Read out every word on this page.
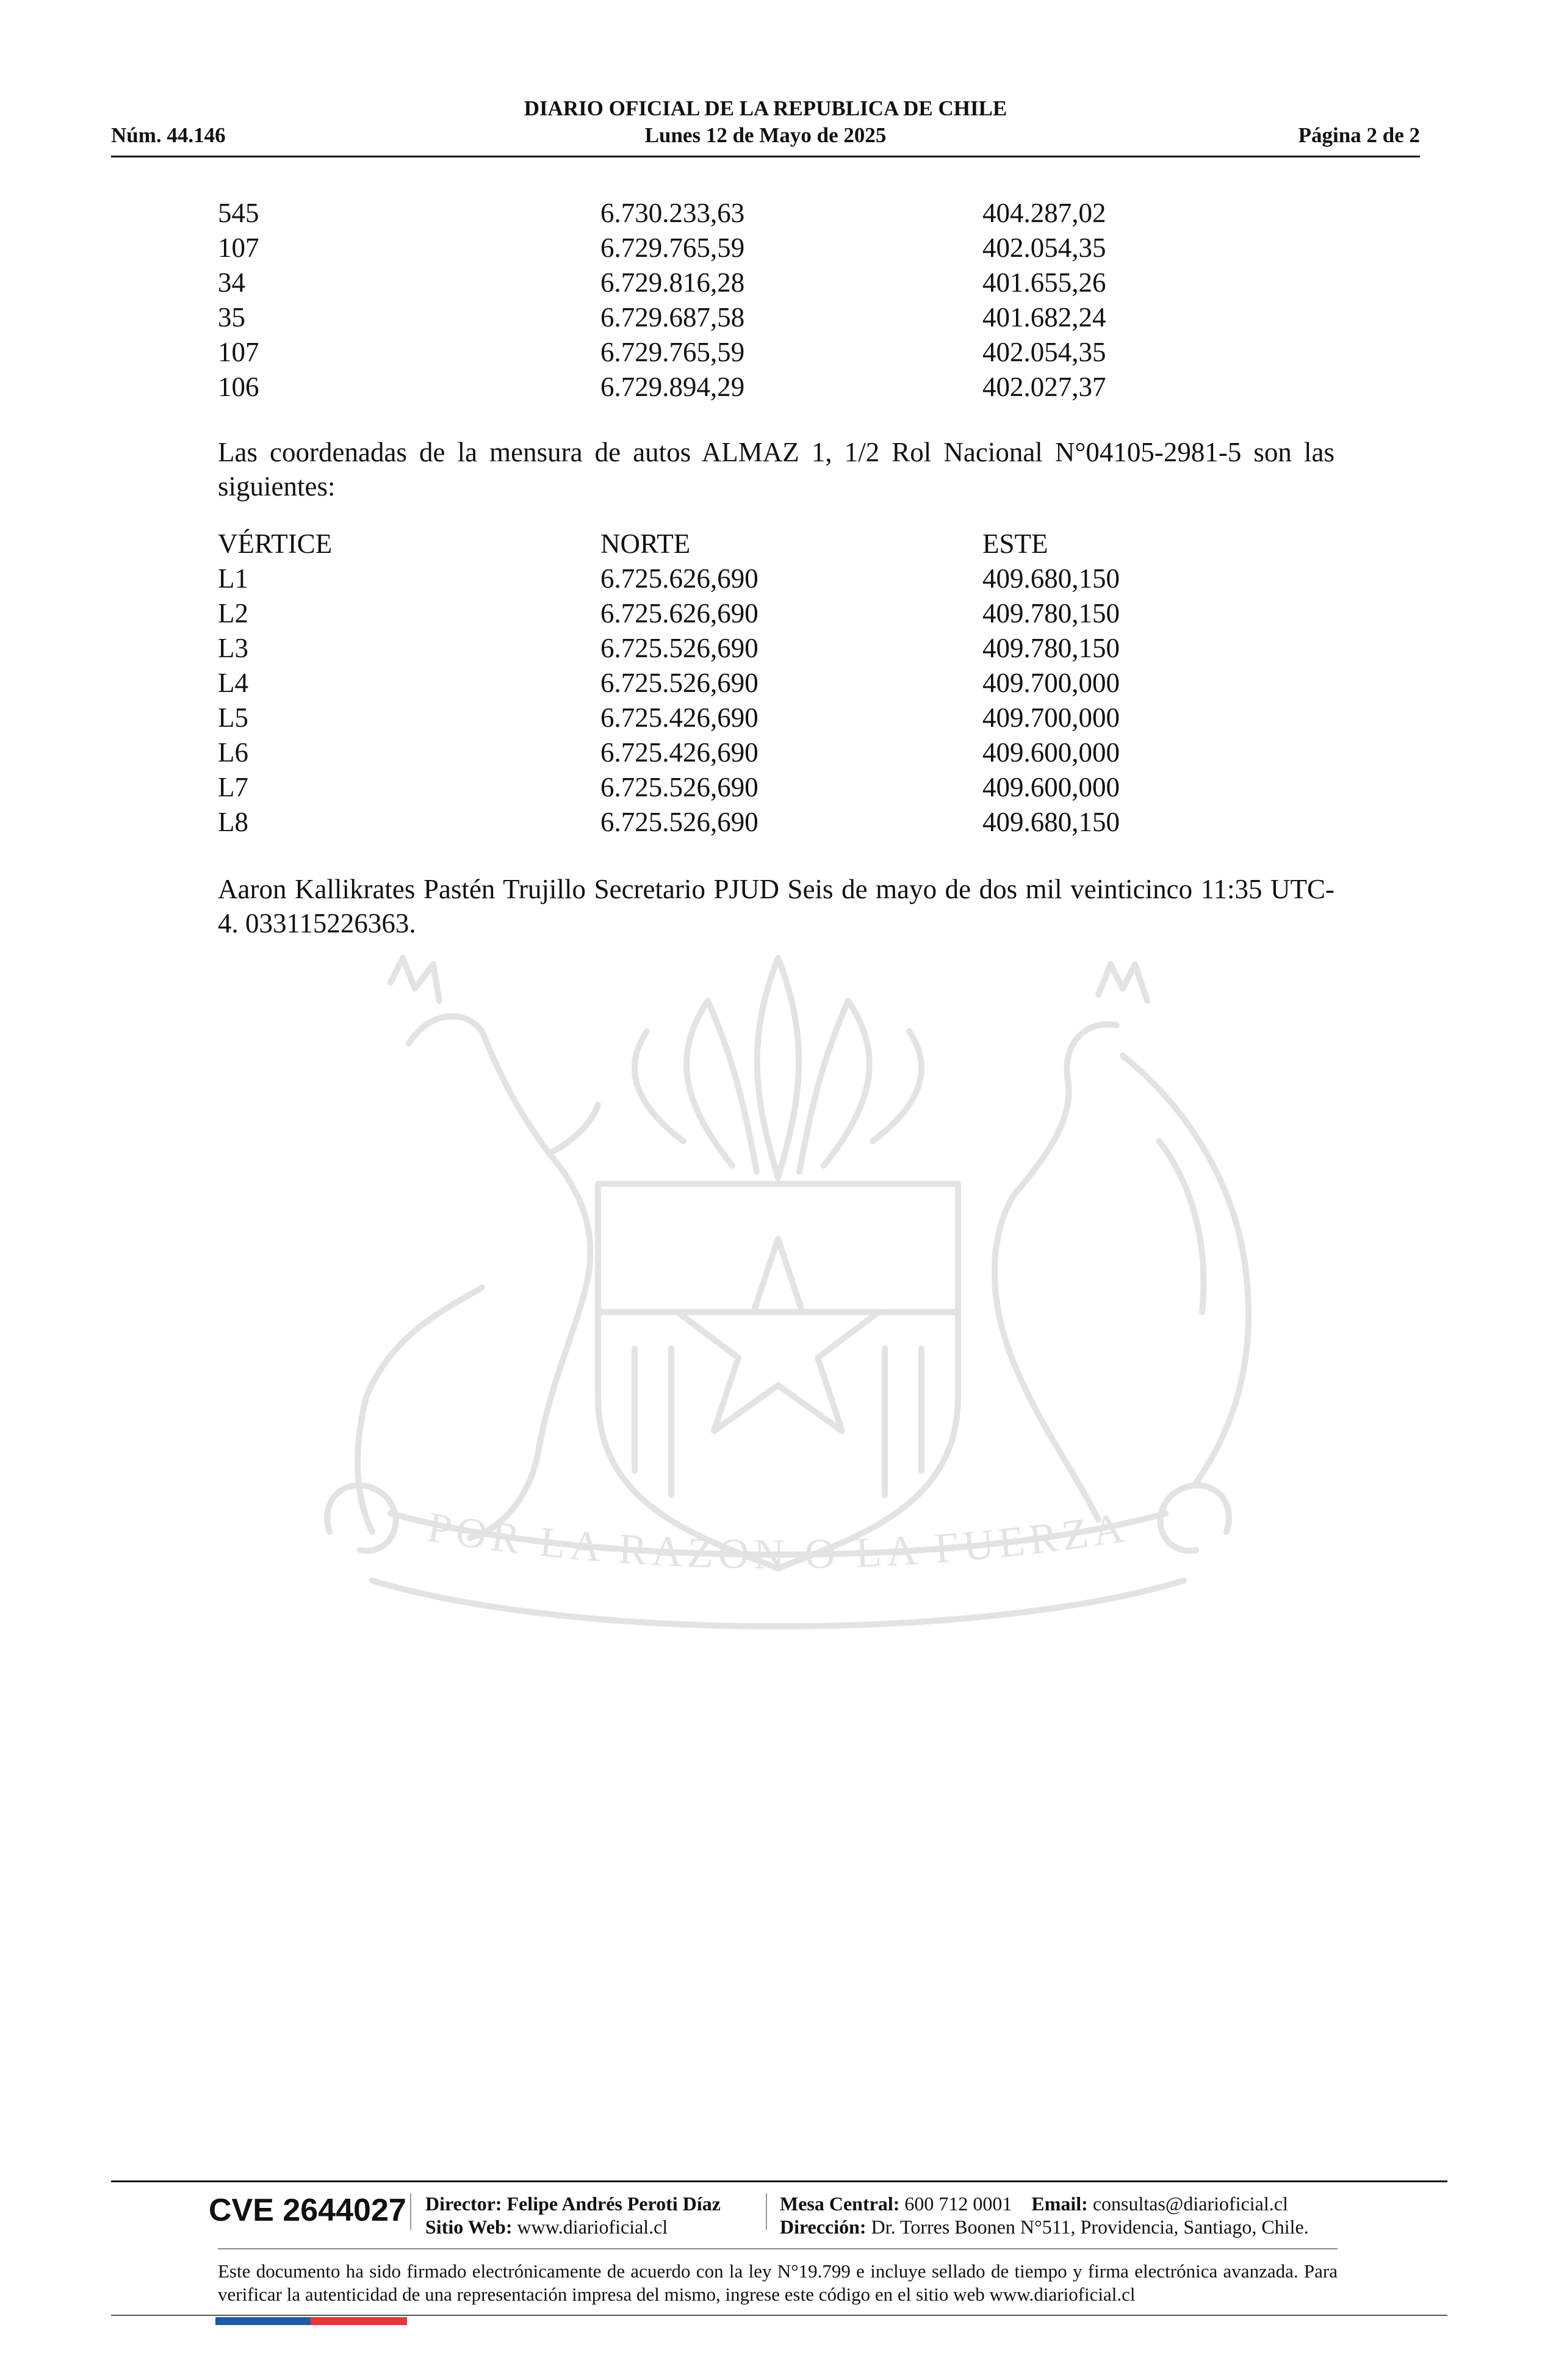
DIARIO OFICIAL DE LA REPUBLICA DE CHILE
Núm. 44.146	Lunes 12 de Mayo de 2025	Página 2 de 2
POR LA RAZON O LA FUERZA
545	6.730.233,63	404.287,02
107	6.729.765,59	402.054,35
34	6.729.816,28	401.655,26
35	6.729.687,58	401.682,24
107	6.729.765,59	402.054,35
106	6.729.894,29	402.027,37

Las coordenadas de la mensura de autos ALMAZ 1, 1/2 Rol Nacional N°04105-2981-5 son las siguientes:

VÉRTICE	NORTE	ESTE
L1	6.725.626,690	409.680,150
L2	6.725.626,690	409.780,150
L3	6.725.526,690	409.780,150
L4	6.725.526,690	409.700,000
L5	6.725.426,690	409.700,000
L6	6.725.426,690	409.600,000
L7	6.725.526,690	409.600,000
L8	6.725.526,690	409.680,150

Aaron Kallikrates Pastén Trujillo Secretario PJUD Seis de mayo de dos mil veinticinco 11:35 UTC-4. 033115226363.

CVE 2644027 Director: Felipe Andrés Peroti Díaz
Sitio Web: www.diarioficial.cl
Mesa Central: 600 712 0001 Email: consultas@diarioficial.cl
Dirección: Dr. Torres Boonen N°511, Providencia, Santiago, Chile.

Este documento ha sido firmado electrónicamente de acuerdo con la ley N°19.799 e incluye sellado de tiempo y firma electrónica avanzada. Para verificar la autenticidad de una representación impresa del mismo, ingrese este código en el sitio web www.diarioficial.cl
